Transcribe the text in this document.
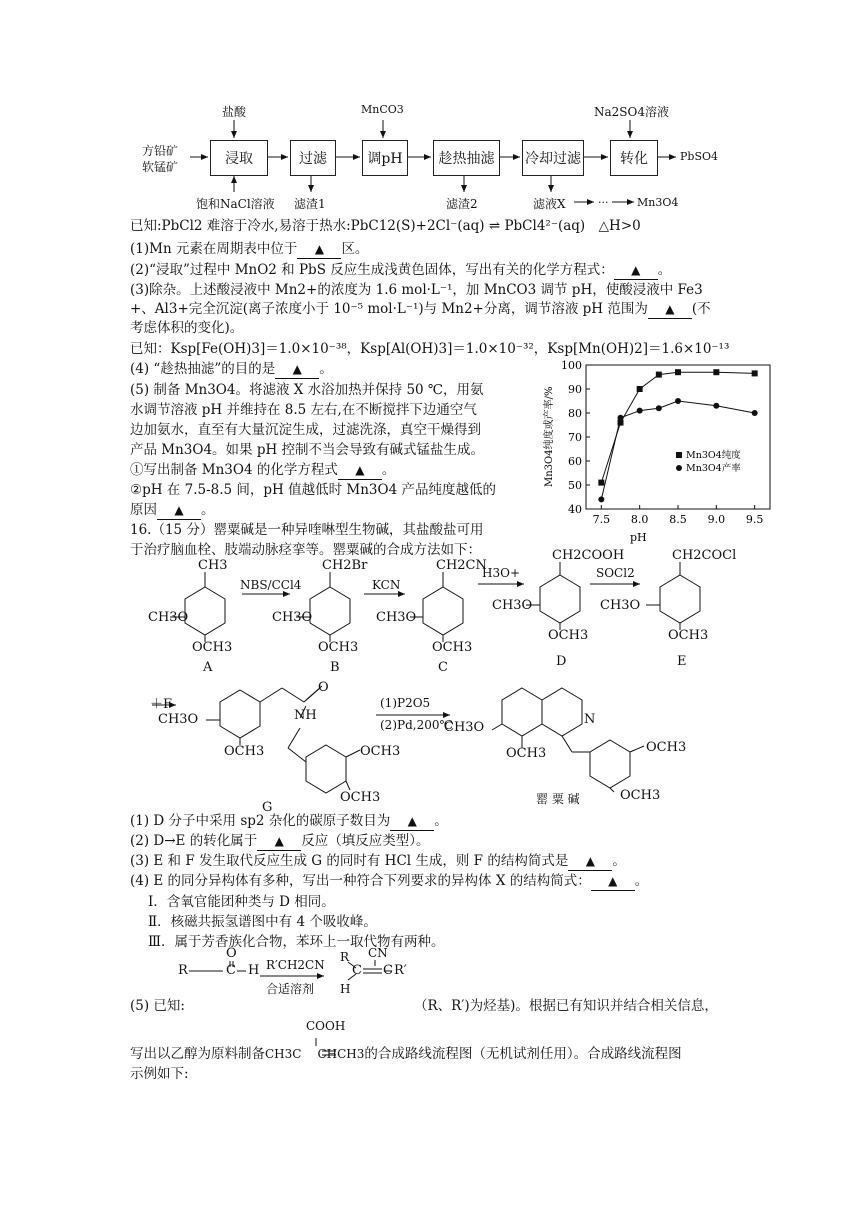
盐酸	MnCO3	Na2SO4溶液
方铅矿
软锰矿	浸取	过滤	调pH	趁热抽滤	冷却过滤	转化	PbSO4
饱和NaCl溶液 滤渣1	滤渣2	滤液X	···	Mn3O4
已知:PbCl2 难溶于冷水,易溶于热水:PbC12(S)+2Cl⁻(aq) ⇌ PbCl4²⁻(aq)　△H>0
(1)Mn 元素在周期表中位于 ▲ 区。
(2)“浸取”过程中 MnO2 和 PbS 反应生成浅黄色固体，写出有关的化学方程式： ▲ 。
(3)除杂。上述酸浸液中 Mn2+的浓度为 1.6 mol·L⁻¹，加 MnCO3 调节 pH，使酸浸液中 Fe3
+、Al3+完全沉淀(离子浓度小于 10⁻⁵ mol·L⁻¹)与 Mn2+分离，调节溶液 pH 范围为 ▲ (不
考虑体积的变化)。
已知：Ksp[Fe(OH)3]＝1.0×10⁻³⁸，Ksp[Al(OH)3]＝1.0×10⁻³²，Ksp[Mn(OH)2]＝1.6×10⁻¹³
(4) “趁热抽滤”的目的是 ▲ 。
(5) 制备 Mn3O4。将滤液 X 水浴加热并保持 50 ℃，用氨
水调节溶液 pH 并维持在 8.5 左右,在不断搅拌下边通空气
边加氨水，直至有大量沉淀生成，过滤洗涤，真空干燥得到
产品 Mn3O4。如果 pH 控制不当会导致有碱式锰盐生成。
①写出制备 Mn3O4 的化学方程式 ▲ 。
②pH 在 7.5-8.5 间，pH 值越低时 Mn3O4 产品纯度越低的
原因 ▲ 。	40
50
60
70
80
90
100
7.5 8.0 8.5 9.0 9.5
Mn3O4纯度或产率/%
pH
Mn3O4纯度
Mn3O4产率
16.（15 分）罂粟碱是一种异喹啉型生物碱，其盐酸盐可用
于治疗脑血栓、肢端动脉痉挛等。罂粟碱的合成方法如下：
CH3
CH3O
OCH3
A
CH2Br
CH3O
OCH3
B
CH2CN
CH3O
OCH3
C
CH2COOH
CH3O
OCH3
D
CH2COCl
CH3O
OCH3
E
NBS/CCl4	KCN
H3O+	SOCl2
＋F
CH3O
OCH3
O
NH
OCH3
OCH3
G
(1)P2O5
(2)Pd,200℃
CH3O
OCH3
N
OCH3
OCH3
罂 粟 碱
(1) D 分子中采用 sp2 杂化的碳原子数目为 ▲ 。
(2) D→E 的转化属于 ▲ 反应（填反应类型）。
(3) E 和 F 发生取代反应生成 G 的同时有 HCl 生成，则 F 的结构简式是 ▲ 。
(4) E 的同分异构体有多种，写出一种符合下列要求的异构体 X 的结构简式： ▲ 。
Ⅰ．含氧官能团种类与 D 相同。
Ⅱ．核磁共振氢谱图中有 4 个吸收峰。
Ⅲ．属于芳香族化合物，苯环上一取代物有两种。
R	C
O
H R′CH2CN
合适溶剂
R
C
CN
C R′
H
(5) 已知:	（R、R′)为烃基)。根据已有知识并结合相关信息，
COOH
写出以乙醇为原料制备CH3C CHCH3的合成路线流程图（无机试剂任用）。合成路线流程图
示例如下:
